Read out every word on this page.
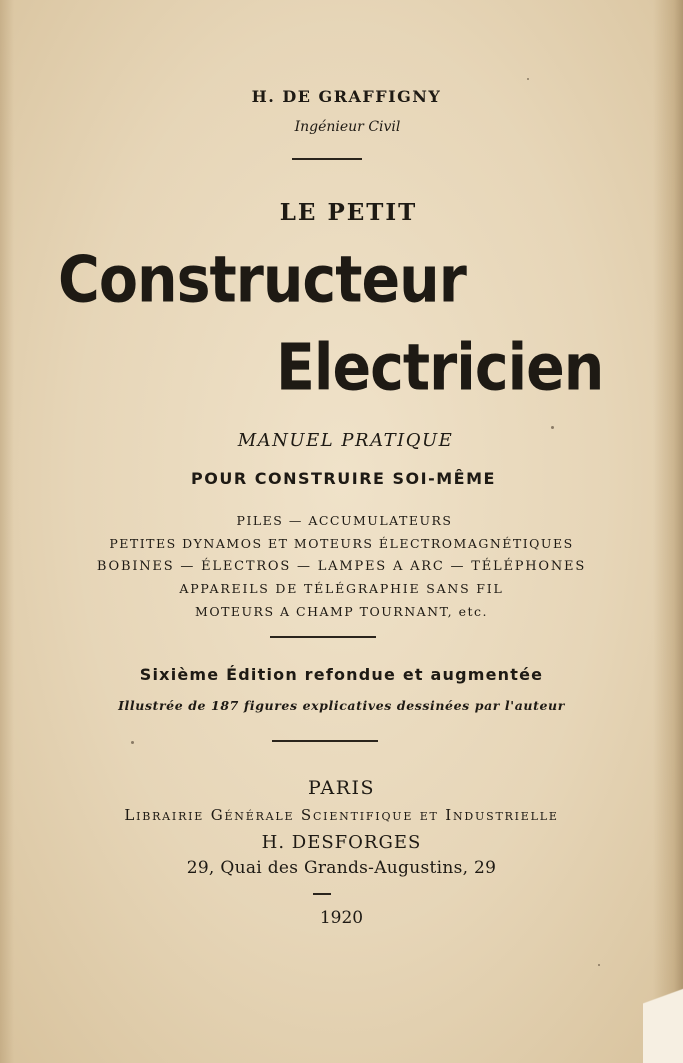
H. DE GRAFFIGNY
Ingénieur Civil
LE PETIT
Constructeur
Electricien
MANUEL PRATIQUE
POUR CONSTRUIRE SOI-MÊME
PILES — ACCUMULATEURS
PETITES DYNAMOS ET MOTEURS ÉLECTROMAGNÉTIQUES
BOBINES — ÉLECTROS — LAMPES A ARC — TÉLÉPHONES
APPAREILS DE TÉLÉGRAPHIE SANS FIL
MOTEURS A CHAMP TOURNANT, etc.
Sixième Édition refondue et augmentée
Illustrée de 187 figures explicatives dessinées par l'auteur
PARIS
Librairie Générale Scientifique et Industrielle
H. DESFORGES
29, Quai des Grands-Augustins, 29
1920
